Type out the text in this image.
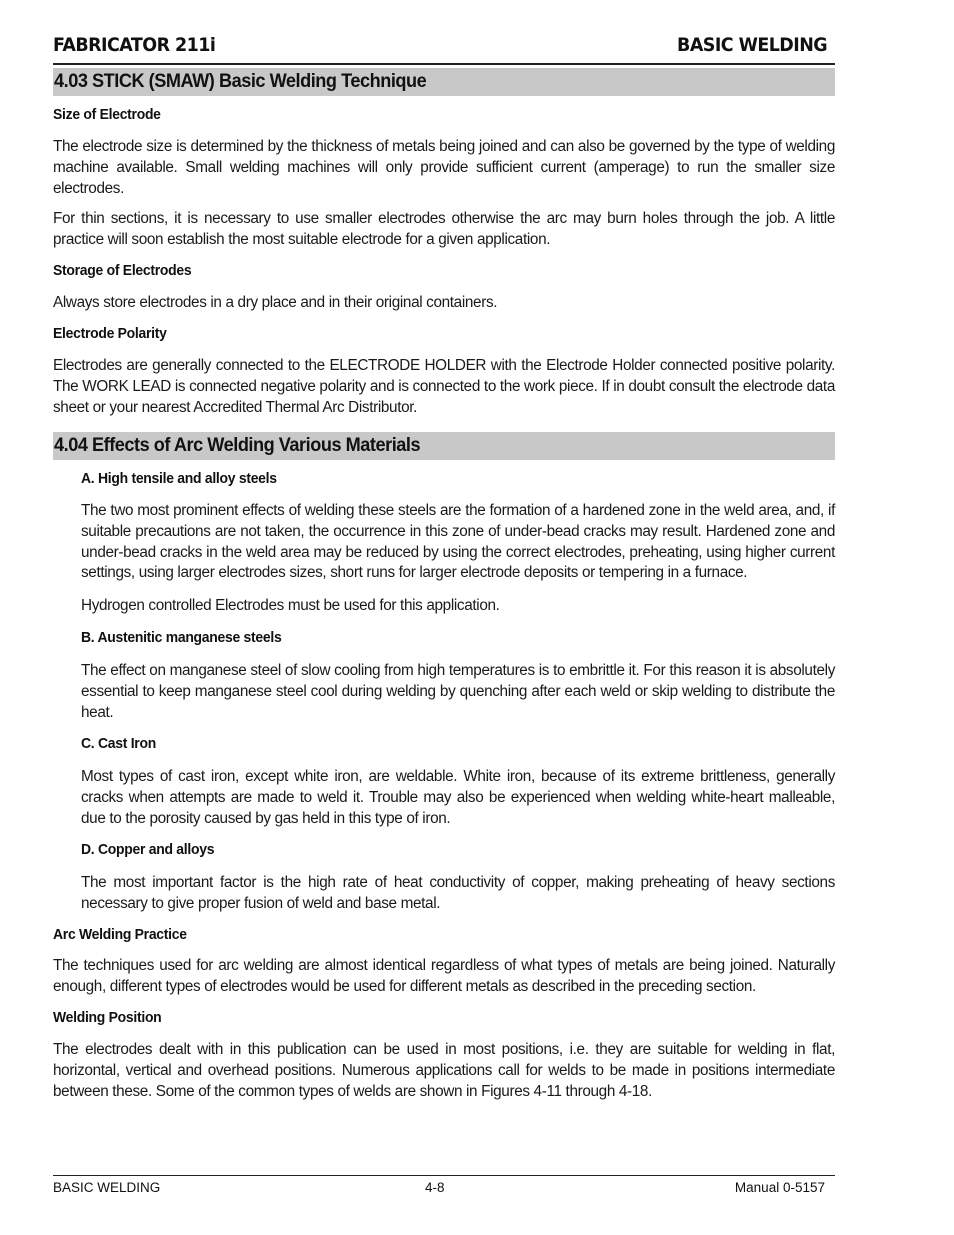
FABRICATOR 211i	BASIC WELDING
4.03 STICK (SMAW) Basic Welding Technique
Size of Electrode
The electrode size is determined by the thickness of metals being joined and can also be governed by the type of welding machine available. Small welding machines will only provide sufficient current (amperage) to run the smaller size electrodes.
For thin sections, it is necessary to use smaller electrodes otherwise the arc may burn holes through the job. A little practice will soon establish the most suitable electrode for a given application.
Storage of Electrodes
Always store electrodes in a dry place and in their original containers.
Electrode Polarity
Electrodes are generally connected to the ELECTRODE HOLDER with the Electrode Holder connected positive polarity. The WORK LEAD is connected negative polarity and is connected to the work piece. If in doubt consult the electrode data sheet or your nearest Accredited Thermal Arc Distributor.
4.04 Effects of Arc Welding Various Materials
A. High tensile and alloy steels
The two most prominent effects of welding these steels are the formation of a hardened zone in the weld area, and, if suitable precautions are not taken, the occurrence in this zone of under-bead cracks may result. Hardened zone and under-bead cracks in the weld area may be reduced by using the correct electrodes, preheating, using higher current settings, using larger electrodes sizes, short runs for larger electrode deposits or tempering in a furnace.
Hydrogen controlled Electrodes must be used for this application.
B. Austenitic manganese steels
The effect on manganese steel of slow cooling from high temperatures is to embrittle it. For this reason it is absolutely essential to keep manganese steel cool during welding by quenching after each weld or skip welding to distribute the heat.
C. Cast Iron
Most types of cast iron, except white iron, are weldable. White iron, because of its extreme brittleness, generally cracks when attempts are made to weld it. Trouble may also be experienced when welding white-heart malleable, due to the porosity caused by gas held in this type of iron.
D. Copper and alloys
The most important factor is the high rate of heat conductivity of copper, making preheating of heavy sections necessary to give proper fusion of weld and base metal.
Arc Welding Practice
The techniques used for arc welding are almost identical regardless of what types of metals are being joined. Naturally enough, different types of electrodes would be used for different metals as described in the preceding section.
Welding Position
The electrodes dealt with in this publication can be used in most positions, i.e. they are suitable for welding in flat, horizontal, vertical and overhead positions. Numerous applications call for welds to be made in positions intermediate between these. Some of the common types of welds are shown in Figures 4-11 through 4-18.
BASIC WELDING	4-8	Manual 0-5157
